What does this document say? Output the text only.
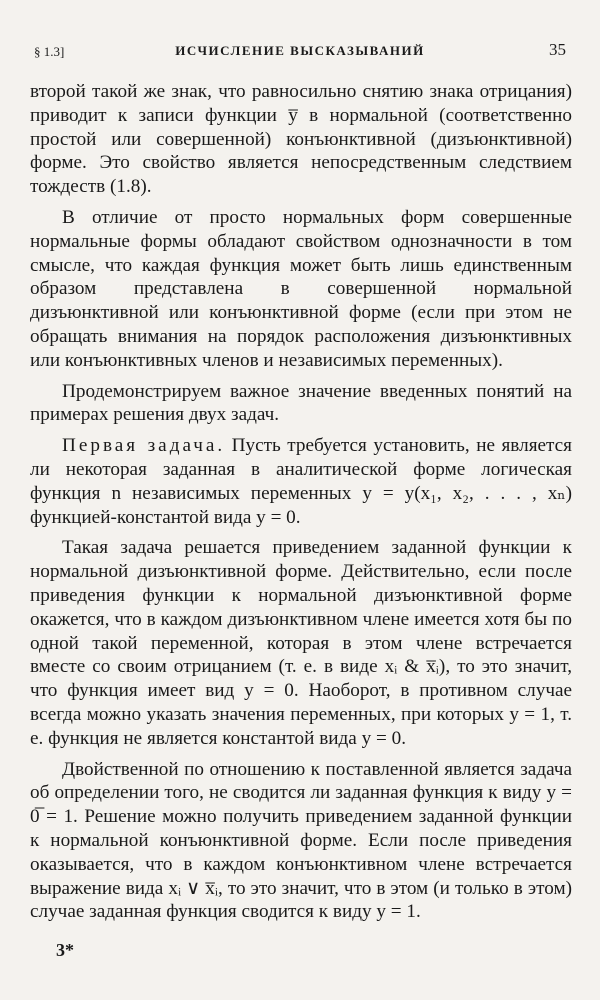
§ 1.3]	ИСЧИСЛЕНИЕ ВЫСКАЗЫВАНИЙ	35

второй такой же знак, что равносильно снятию знака отрицания) приводит к записи функции y̅ в нормальной (соответственно простой или совершенной) конъюнктивной (дизъюнктивной) форме. Это свойство является непосредственным следствием тождеств (1.8).

В отличие от просто нормальных форм совершенные нормальные формы обладают свойством однозначности в том смысле, что каждая функция может быть лишь единственным образом представлена в совершенной нормальной дизъюнктивной или конъюнктивной форме (если при этом не обращать внимания на порядок расположения дизъюнктивных или конъюнктивных членов и независимых переменных).

Продемонстрируем важное значение введенных понятий на примерах решения двух задач.

Первая задача. Пусть требуется установить, не является ли некоторая заданная в аналитической форме логическая функция n независимых переменных y = y(x₁, x₂, . . . , xₙ) функцией-константой вида y = 0.

Такая задача решается приведением заданной функции к нормальной дизъюнктивной форме. Действительно, если после приведения функции к нормальной дизъюнктивной форме окажется, что в каждом дизъюнктивном члене имеется хотя бы по одной такой переменной, которая в этом члене встречается вместе со своим отрицанием (т. е. в виде xᵢ & x̅ᵢ), то это значит, что функция имеет вид y = 0. Наоборот, в противном случае всегда можно указать значения переменных, при которых y = 1, т. е. функция не является константой вида y = 0.

Двойственной по отношению к поставленной является задача об определении того, не сводится ли заданная функция к виду y = 0̅ = 1. Решение можно получить приведением заданной функции к нормальной конъюнктивной форме. Если после приведения оказывается, что в каждом конъюнктивном члене встречается выражение вида xᵢ ∨ x̅ᵢ, то это значит, что в этом (и только в этом) случае заданная функция сводится к виду y = 1.

3*
